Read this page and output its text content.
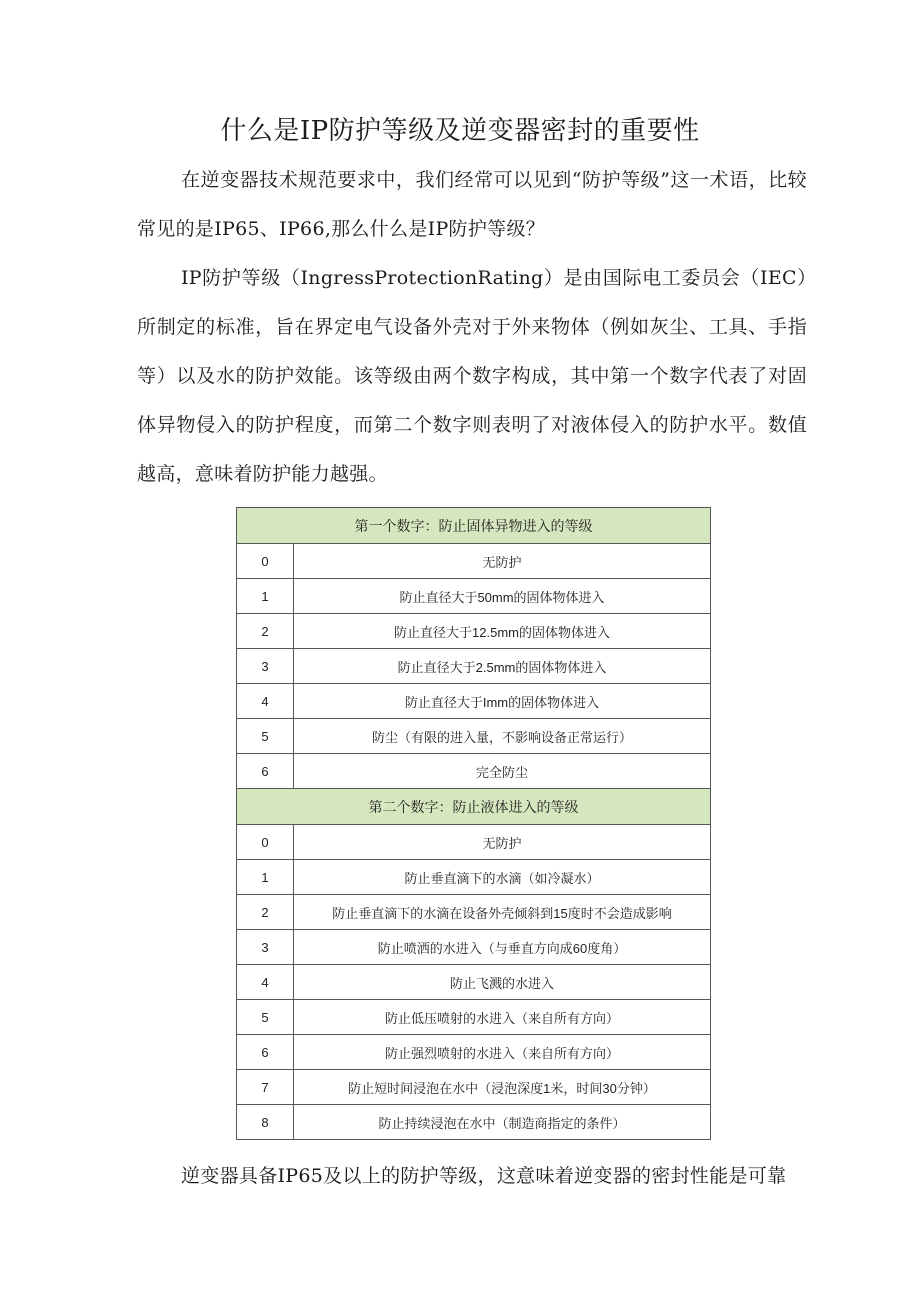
什么是IP防护等级及逆变器密封的重要性

在逆变器技术规范要求中，我们经常可以见到“防护等级”这一术语，比较常见的是IP65、IP66,那么什么是IP防护等级？

IP防护等级（IngressProtectionRating）是由国际电工委员会（IEC）所制定的标准，旨在界定电气设备外壳对于外来物体（例如灰尘、工具、手指等）以及水的防护效能。该等级由两个数字构成，其中第一个数字代表了对固体异物侵入的防护程度，而第二个数字则表明了对液体侵入的防护水平。数值越高，意味着防护能力越强。

第一个数字：防止固体异物进入的等级	
0	无防护
1	防止直径大于50mm的固体物体进入
2	防止直径大于12.5mm的固体物体进入
3	防止直径大于2.5mm的固体物体进入
4	防止直径大于Imm的固体物体进入
5	防尘（有限的进入量，不影响设备正常运行）
6	完全防尘
第二个数字：防止液体进入的等级	
0	无防护
1	防止垂直滴下的水滴（如冷凝水）
2	防止垂直滴下的水滴在设备外壳倾斜到15度时不会造成影响
3	防止喷洒的水进入（与垂直方向成60度角）
4	防止飞溅的水进入
5	防止低压喷射的水进入（来自所有方向）
6	防止强烈喷射的水进入（来自所有方向）
7	防止短时间浸泡在水中（浸泡深度1米，时间30分钟）
8	防止持续浸泡在水中（制造商指定的条件）

逆变器具备IP65及以上的防护等级，这意味着逆变器的密封性能是可靠
